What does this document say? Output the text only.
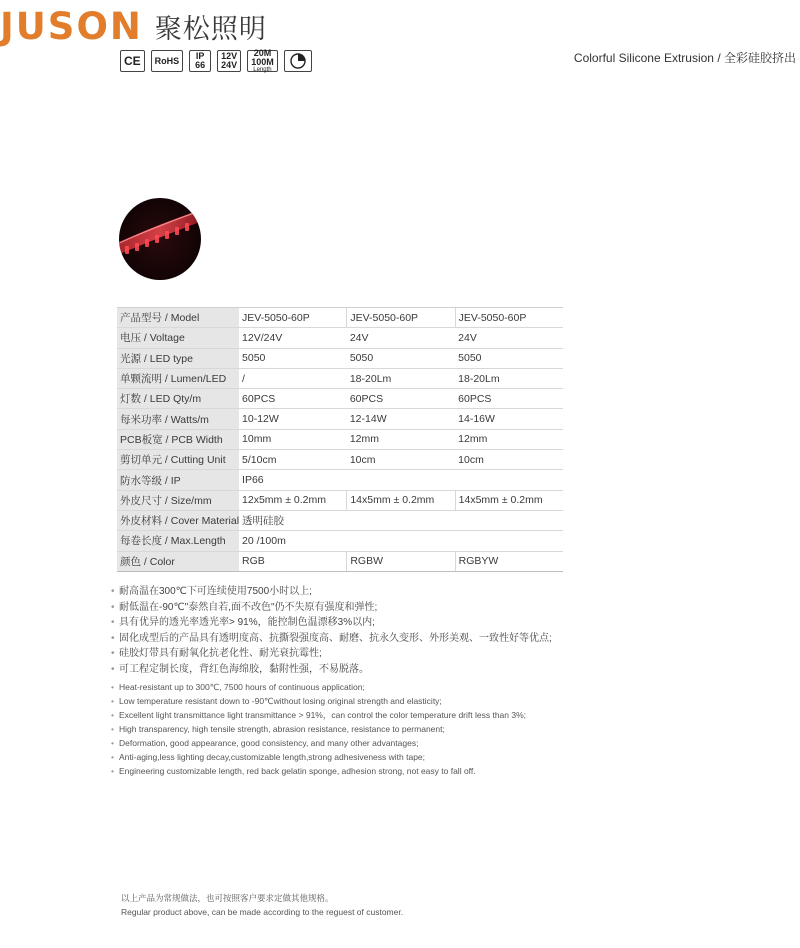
JUSON 聚松照明
CE RoHS IP
66
12V
24V
20M
100M
Length
Colorful Silicone Extrusion / 全彩硅胶挤出
产品型号 / Model	JEV-5050-60P	JEV-5050-60P	JEV-5050-60P
电压 / Voltage	12V/24V	24V	24V
光源 / LED type	5050	5050	5050
单颗流明 / Lumen/LED	/	18-20Lm	18-20Lm
灯数 / LED Qty/m	60PCS	60PCS	60PCS
每米功率 / Watts/m	10-12W	12-14W	14-16W
PCB板宽 / PCB Width	10mm	12mm	12mm
剪切单元 / Cutting Unit	5/10cm	10cm	10cm
防水等级 / IP	IP66		
外皮尺寸 / Size/mm	12x5mm ± 0.2mm	14x5mm ± 0.2mm	14x5mm ± 0.2mm
外皮材料 / Cover Material	透明硅胶		
每卷长度 / Max.Length	20 /100m		
颜色 / Color	RGB	RGBW	RGBYW
• 耐高温在300℃下可连续使用7500小时以上;
• 耐低温在-90℃"泰然自若,面不改色"仍不失原有强度和弹性;
• 具有优异的透光率透光率> 91%，能控制色温漂移3%以内;
• 固化成型后的产品具有透明度高、抗撕裂强度高、耐磨、抗永久变形、外形美观、一致性好等优点;
• 硅胶灯带具有耐氧化抗老化性、耐光衰抗霉性;
• 可工程定制长度，背红色海绵胶，黏附性强，不易脱落。
• Heat-resistant up to 300℃, 7500 hours of continuous application;
• Low temperature resistant down to -90℃without losing original strength and elasticity;
• Excellent light transmittance light transmittance > 91%，can control the color temperature drift less than 3%;
• High transparency, high tensile strength, abrasion resistance, resistance to permanent;
• Deformation, good appearance, good consistency, and many other advantages;
• Anti-aging,less lighting decay,customizable length,strong adhesiveness with tape;
• Engineering customizable length, red back gelatin sponge, adhesion strong, not easy to fall off.
以上产品为常规做法，也可按照客户要求定做其他规格。
Regular product above, can be made according to the reguest of customer.
